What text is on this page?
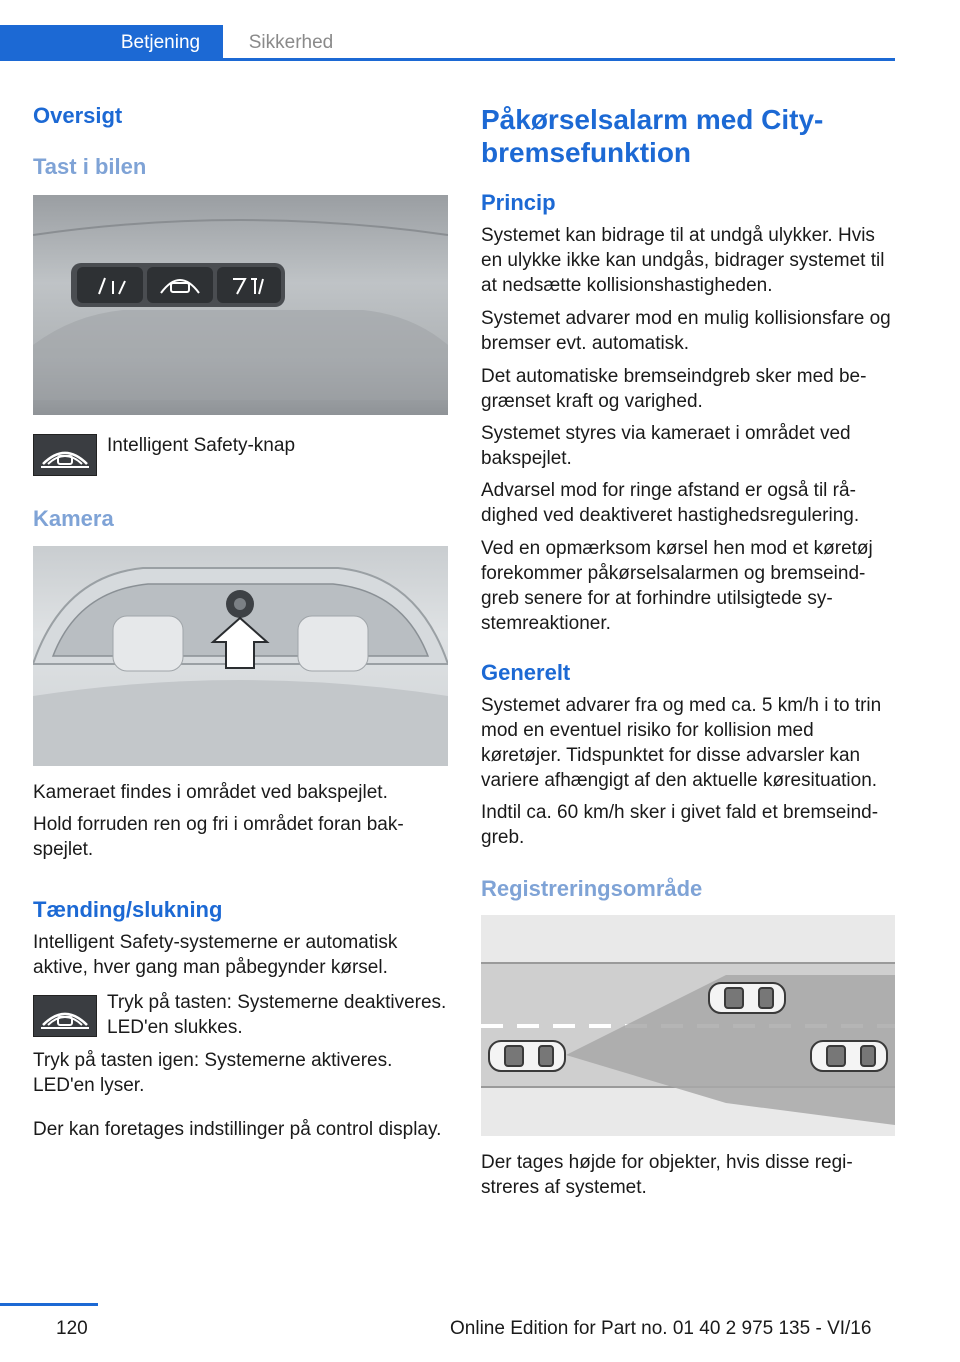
Betjening	Sikkerhed
Oversigt
Tast i bilen

Intelligent Safety-knap

Kamera

Kameraet findes i området ved bakspejlet.

Hold forruden ren og fri i området foran bakspejlet.

Tænding/slukning

Intelligent Safety-systemerne er automatisk aktive, hver gang man påbegynder kørsel.

Tryk på tasten: Systemerne deaktiveres. LED'en slukkes.

Tryk på tasten igen: Systemerne aktiveres. LED'en lyser.

Der kan foretages indstillinger på control display.

Påkørselsalarm med City-bremsefunktion
Princip

Systemet kan bidrage til at undgå ulykker. Hvis en ulykke ikke kan undgås, bidrager systemet til at nedsætte kollisionshastigheden.

Systemet advarer mod en mulig kollisionsfare og bremser evt. automatisk.

Det automatiske bremseindgreb sker med begrænset kraft og varighed.

Systemet styres via kameraet i området ved bakspejlet.

Advarsel mod for ringe afstand er også til rådighed ved deaktiveret hastighedsregulering.

Ved en opmærksom kørsel hen mod et køretøj forekommer påkørselsalarmen og bremseindgreb senere for at forhindre utilsigtede systemreaktioner.

Generelt

Systemet advarer fra og med ca. 5 km/h i to trin mod en eventuel risiko for kollision med køretøjer. Tidspunktet for disse advarsler kan variere afhængigt af den aktuelle køresituation.

Indtil ca. 60 km/h sker i givet fald et bremseindgreb.

Registreringsområde

Der tages højde for objekter, hvis disse registreres af systemet.

120	Online Edition for Part no. 01 40 2 975 135 - VI/16
